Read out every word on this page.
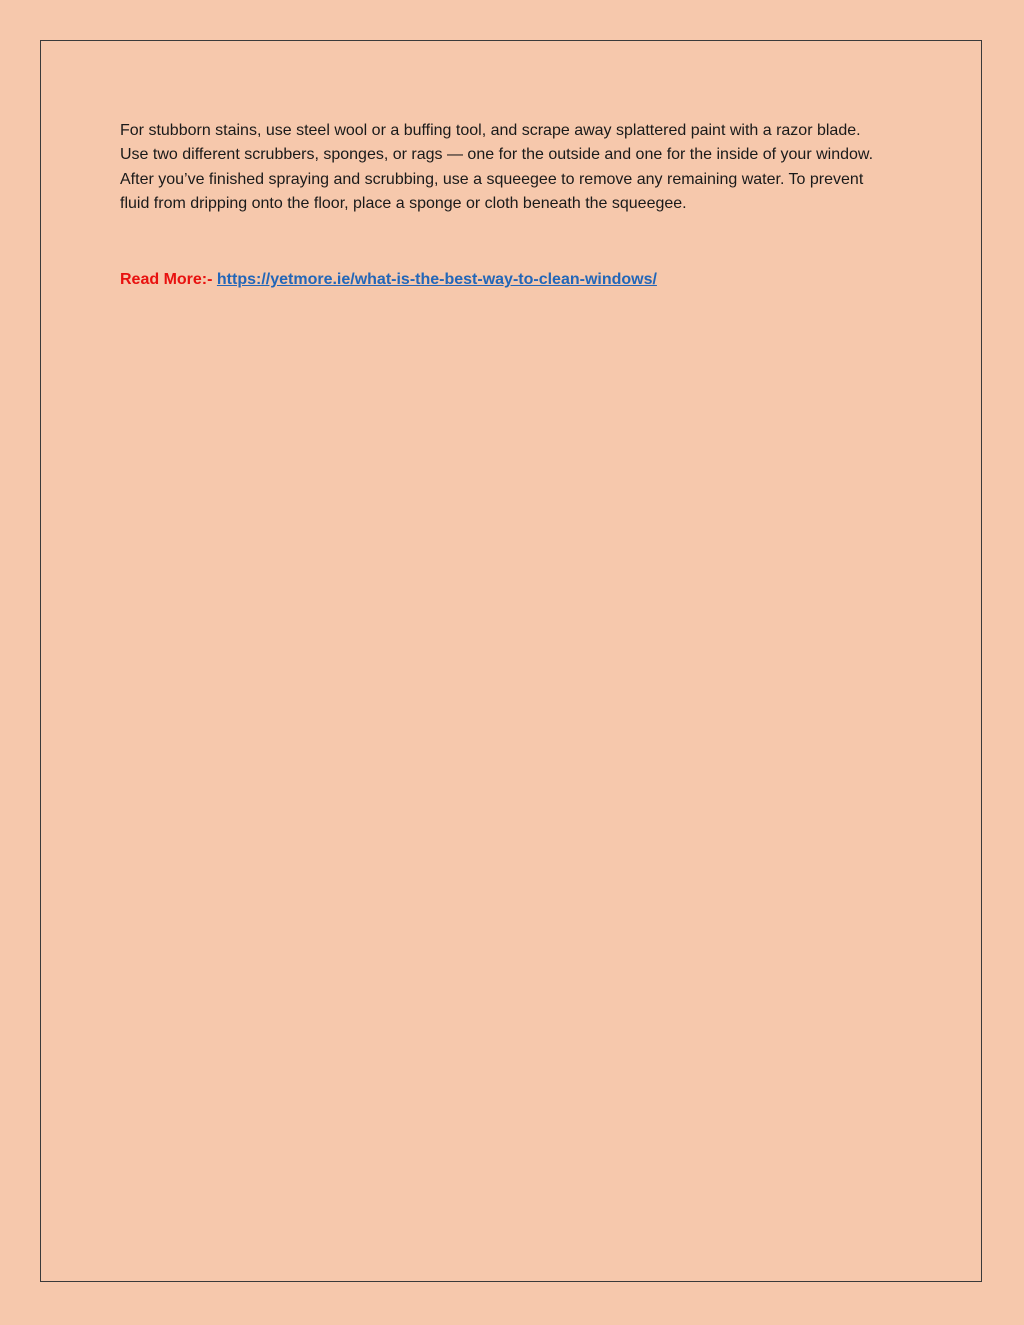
For stubborn stains, use steel wool or a buffing tool, and scrape away splattered paint with a razor blade.
Use two different scrubbers, sponges, or rags — one for the outside and one for the inside of your window.
After you’ve finished spraying and scrubbing, use a squeegee to remove any remaining water. To prevent
fluid from dripping onto the floor, place a sponge or cloth beneath the squeegee.

Read More:- https://yetmore.ie/what-is-the-best-way-to-clean-windows/
